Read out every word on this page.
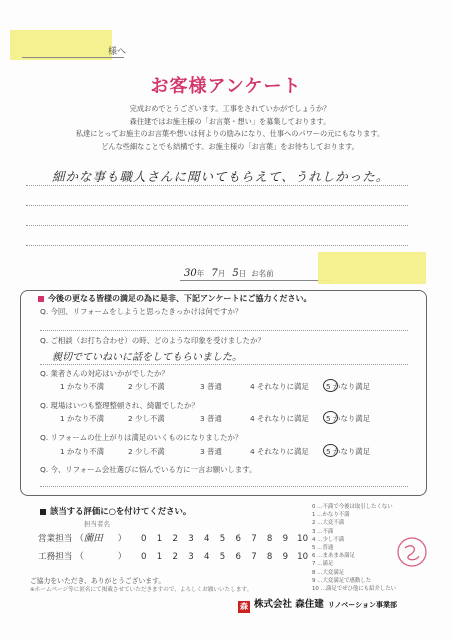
様へ
お客様アンケート
完成おめでとうございます。工事をされていかがでしょうか？
森住建ではお施主様の「お言葉・想い」を募集しております。
私達にとってお施主のお言葉や想いは何よりの励みになり、仕事へのパワーの元にもなります。
どんな些細なことでも結構です。お施主様の「お言葉」をお待ちしております。
細かな事も職人さんに聞いてもらえて、うれしかった。
30年 7月 5日 お名前
今後の更なる皆様の満足の為に是非、下記アンケートにご協力ください。
Q. 今回、リフォームをしようと思ったきっかけは何ですか？
Q. ご相談（お打ち合わせ）の時、どのような印象を受けましたか？
親切でていねいに話をしてもらいました。
Q. 業者さんの対応はいかがでしたか？
1 かなり不満	2 少し不満	3 普通	4 それなりに満足 5 かなり満足
Q. 現場はいつも整理整頓され、綺麗でしたか？
1 かなり不満	2 少し不満	3 普通	4 それなりに満足 5 かなり満足
Q. リフォームの仕上がりは満足のいくものになりましたか？
1 かなり不満	2 少し不満	3 普通	4 それなりに満足 5 かなり満足
Q. 今、リフォーム会社選びに悩んでいる方に一言お願いします。
該当する評価に○を付けてください。
担当者名
営業担当 （薗田 ） 0 1 2 3 4 5 6 7 8 9 10
工務担当 （	） 0 1 2 3 4 5 6 7 8 9 10
0 …不満で今後は取引したくない
1 …かなり不満
2 …大変不満
3 …不満
4 …少し不満
5 …普通
6 …まあまあ満足
7 …満足
8 …大変満足
9 …大変満足で感動した
10 …満足でぜひ他にも紹介したい
ご協力をいただき、ありがとうございます。
※ホームページ等に匿名にて掲載させていただきますので、よろしくお願いいたします。
森 株式会社 森住建 リノベーション事業部
